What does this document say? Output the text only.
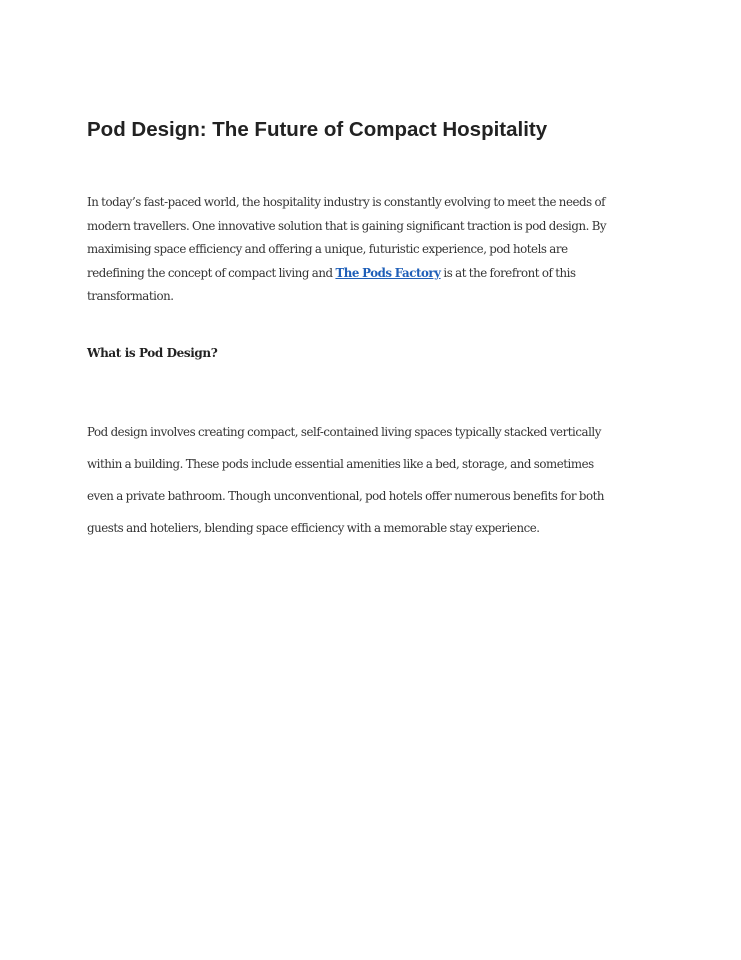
Pod Design: The Future of Compact Hospitality

In today’s fast-paced world, the hospitality industry is constantly evolving to meet the needs of
modern travellers. One innovative solution that is gaining significant traction is pod design. By
maximising space efficiency and offering a unique, futuristic experience, pod hotels are
redefining the concept of compact living and The Pods Factory is at the forefront of this
transformation.

What is Pod Design?

Pod design involves creating compact, self-contained living spaces typically stacked vertically
within a building. These pods include essential amenities like a bed, storage, and sometimes
even a private bathroom. Though unconventional, pod hotels offer numerous benefits for both
guests and hoteliers, blending space efficiency with a memorable stay experience.
